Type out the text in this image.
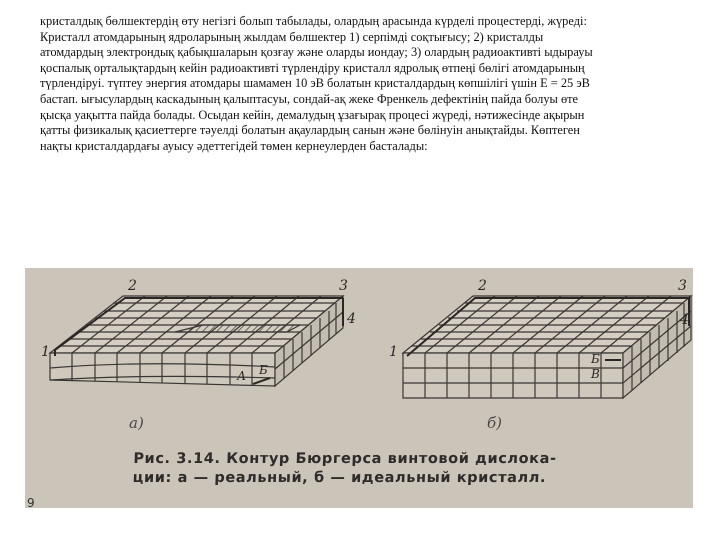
кристалдық бөлшектердің өту негізгі болып табылады, олардың арасында күрделі процестерді, жүреді:
Кристалл атомдарының ядроларының жылдам бөлшектер 1) серпімді соқтығысу; 2) кристалды
атомдардың электрондық қабықшаларын қозғау және оларды иондау; 3) олардың радиоактивті ыдырауы
қоспалық орталықтардың кейін радиоактивті түрлендіру кристалл ядролық өтпеңі бөлігі атомдарының
түрлендіруі. түптеу энергия атомдары шамамен 10 эВ болатын кристалдардың көпшілігі үшін E = 25 эВ
бастап. ығысулардың каскадының қалыптасуы, сондай-ақ жеке Френкель дефектінің пайда болуы өте
қысқа уақытта пайда болады. Осыдан кейін, демалудың ұзағырақ процесі жүреді, нәтижесінде ақырын
қатты физикалық қасиеттерге тәуелді болатын ақаулардың санын және бөлінуін анықтайды. Көптеген
нақты кристалдардағы ауысу әдеттегідей төмен кернеулерден басталады:
2	3
4
1
А Б
2	3
4
1	Б
В
а)	б)
Рис. 3.14. Контур Бюргерса винтовой дислока-
ции: а — реальный, б — идеальный кристалл.
9
